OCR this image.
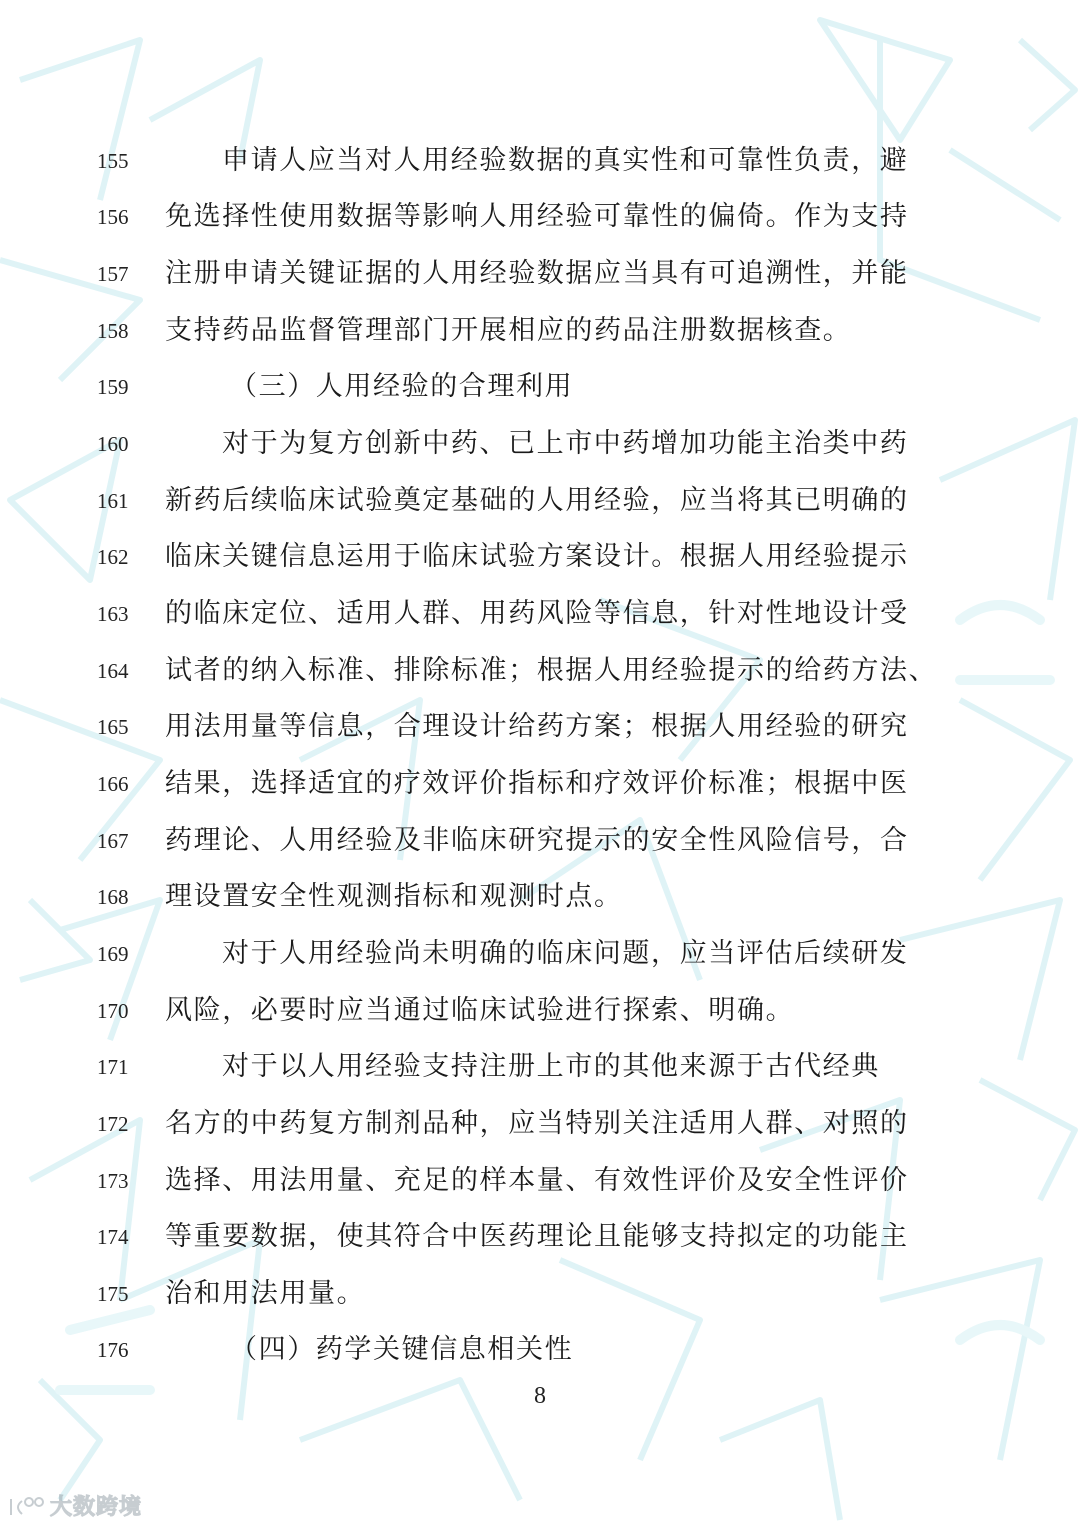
155	申请人应当对人用经验数据的真实性和可靠性负责，避
156 免选择性使用数据等影响人用经验可靠性的偏倚。作为支持
157 注册申请关键证据的人用经验数据应当具有可追溯性，并能
158 支持药品监督管理部门开展相应的药品注册数据核查。
159	（三）人用经验的合理利用
160	对于为复方创新中药、已上市中药增加功能主治类中药
161 新药后续临床试验奠定基础的人用经验，应当将其已明确的
162 临床关键信息运用于临床试验方案设计。根据人用经验提示
163 的临床定位、适用人群、用药风险等信息，针对性地设计受
164 试者的纳入标准、排除标准；根据人用经验提示的给药方法、
165 用法用量等信息，合理设计给药方案；根据人用经验的研究
166 结果，选择适宜的疗效评价指标和疗效评价标准；根据中医
167 药理论、人用经验及非临床研究提示的安全性风险信号，合
168 理设置安全性观测指标和观测时点。
169	对于人用经验尚未明确的临床问题，应当评估后续研发
170 风险，必要时应当通过临床试验进行探索、明确。
171	对于以人用经验支持注册上市的其他来源于古代经典
172 名方的中药复方制剂品种，应当特别关注适用人群、对照的
173 选择、用法用量、充足的样本量、有效性评价及安全性评价
174 等重要数据，使其符合中医药理论且能够支持拟定的功能主
175 治和用法用量。
176	（四）药学关键信息相关性
8
大数跨境
